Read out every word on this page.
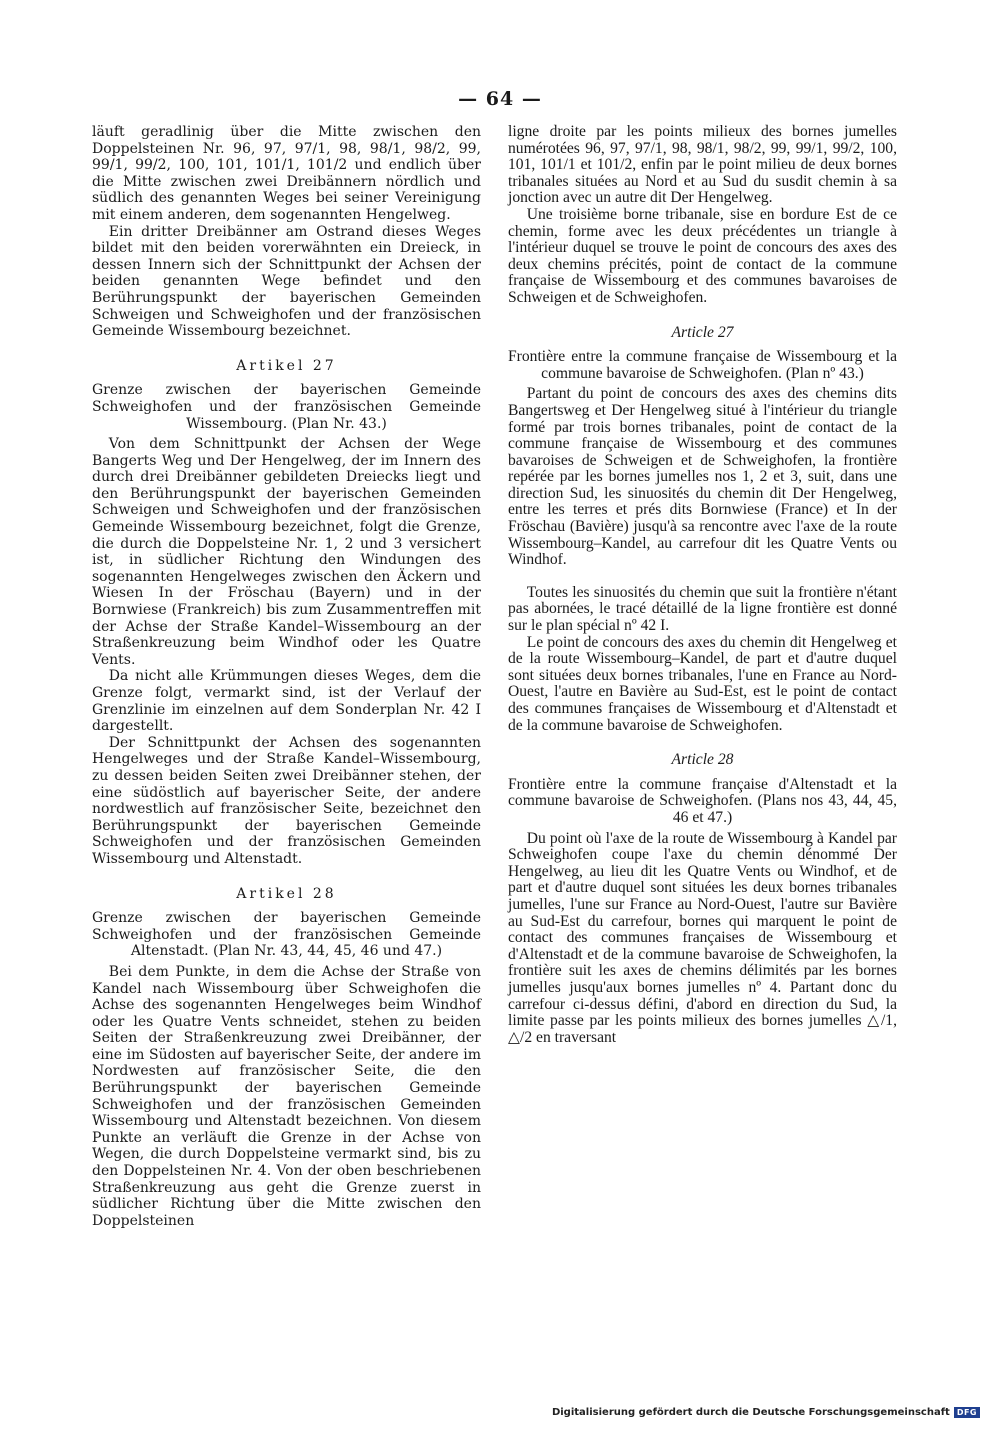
— 64 —

läuft geradlinig über die Mitte zwischen den Doppelsteinen Nr. 96, 97, 97/1, 98, 98/1, 98/2, 99, 99/1, 99/2, 100, 101, 101/1, 101/2 und endlich über die Mitte zwischen zwei Dreibännern nördlich und südlich des genannten Weges bei seiner Vereinigung mit einem anderen, dem sogenannten Hengelweg.

Ein dritter Dreibänner am Ostrand dieses Weges bildet mit den beiden vorerwähnten ein Dreieck, in dessen Innern sich der Schnittpunkt der Achsen der beiden genannten Wege befindet und den Berührungspunkt der bayerischen Gemeinden Schweigen und Schweighofen und der französischen Gemeinde Wissembourg bezeichnet.

Artikel 27
Grenze zwischen der bayerischen Gemeinde Schweighofen und der französischen Gemeinde Wissembourg. (Plan Nr. 43.)

Von dem Schnittpunkt der Achsen der Wege Bangerts Weg und Der Hengelweg, der im Innern des durch drei Dreibänner gebildeten Dreiecks liegt und den Berührungspunkt der bayerischen Gemeinden Schweigen und Schweighofen und der französischen Gemeinde Wissembourg bezeichnet, folgt die Grenze, die durch die Doppelsteine Nr. 1, 2 und 3 versichert ist, in südlicher Richtung den Windungen des sogenannten Hengelweges zwischen den Äckern und Wiesen In der Fröschau (Bayern) und in der Bornwiese (Frankreich) bis zum Zusammentreffen mit der Achse der Straße Kandel–Wissembourg an der Straßenkreuzung beim Windhof oder les Quatre Vents.

Da nicht alle Krümmungen dieses Weges, dem die Grenze folgt, vermarkt sind, ist der Verlauf der Grenzlinie im einzelnen auf dem Sonderplan Nr. 42 I dargestellt.

Der Schnittpunkt der Achsen des sogenannten Hengelweges und der Straße Kandel–Wissembourg, zu dessen beiden Seiten zwei Dreibänner stehen, der eine südöstlich auf bayerischer Seite, der andere nordwestlich auf französischer Seite, bezeichnet den Berührungspunkt der bayerischen Gemeinde Schweighofen und der französischen Gemeinden Wissembourg und Altenstadt.

Artikel 28
Grenze zwischen der bayerischen Gemeinde Schweighofen und der französischen Gemeinde Altenstadt. (Plan Nr. 43, 44, 45, 46 und 47.)

Bei dem Punkte, in dem die Achse der Straße von Kandel nach Wissembourg über Schweighofen die Achse des sogenannten Hengelweges beim Windhof oder les Quatre Vents schneidet, stehen zu beiden Seiten der Straßenkreuzung zwei Dreibänner, der eine im Südosten auf bayerischer Seite, der andere im Nordwesten auf französischer Seite, die den Berührungspunkt der bayerischen Gemeinde Schweighofen und der französischen Gemeinden Wissembourg und Altenstadt bezeichnen. Von diesem Punkte an verläuft die Grenze in der Achse von Wegen, die durch Doppelsteine vermarkt sind, bis zu den Doppelsteinen Nr. 4. Von der oben beschriebenen Straßenkreuzung aus geht die Grenze zuerst in südlicher Richtung über die Mitte zwischen den Doppelsteinen

ligne droite par les points milieux des bornes jumelles numérotées 96, 97, 97/1, 98, 98/1, 98/2, 99, 99/1, 99/2, 100, 101, 101/1 et 101/2, enfin par le point milieu de deux bornes tribanales situées au Nord et au Sud du susdit chemin à sa jonction avec un autre dit Der Hengelweg.

Une troisième borne tribanale, sise en bordure Est de ce chemin, forme avec les deux précédentes un triangle à l'intérieur duquel se trouve le point de concours des axes des deux chemins précités, point de contact de la commune française de Wissembourg et des communes bavaroises de Schweigen et de Schweighofen.

Article 27
Frontière entre la commune française de Wissembourg et la commune bavaroise de Schweighofen. (Plan nº 43.)

Partant du point de concours des axes des chemins dits Bangertsweg et Der Hengelweg situé à l'intérieur du triangle formé par trois bornes tribanales, point de contact de la commune française de Wissembourg et des communes bavaroises de Schweigen et de Schweighofen, la frontière repérée par les bornes jumelles nos 1, 2 et 3, suit, dans une direction Sud, les sinuosités du chemin dit Der Hengelweg, entre les terres et prés dits Bornwiese (France) et In der Fröschau (Bavière) jusqu'à sa rencontre avec l'axe de la route Wissembourg–Kandel, au carrefour dit les Quatre Vents ou Windhof.

Toutes les sinuosités du chemin que suit la frontière n'étant pas abornées, le tracé détaillé de la ligne frontière est donné sur le plan spécial nº 42 I.

Le point de concours des axes du chemin dit Hengelweg et de la route Wissembourg–Kandel, de part et d'autre duquel sont situées deux bornes tribanales, l'une en France au Nord-Ouest, l'autre en Bavière au Sud-Est, est le point de contact des communes françaises de Wissembourg et d'Altenstadt et de la commune bavaroise de Schweighofen.

Article 28
Frontière entre la commune française d'Altenstadt et la commune bavaroise de Schweighofen. (Plans nos 43, 44, 45, 46 et 47.)

Du point où l'axe de la route de Wissembourg à Kandel par Schweighofen coupe l'axe du chemin dénommé Der Hengelweg, au lieu dit les Quatre Vents ou Windhof, et de part et d'autre duquel sont situées les deux bornes tribanales jumelles, l'une sur France au Nord-Ouest, l'autre sur Bavière au Sud-Est du carrefour, bornes qui marquent le point de contact des communes françaises de Wissembourg et d'Altenstadt et de la commune bavaroise de Schweighofen, la frontière suit les axes de chemins délimités par les bornes jumelles jusqu'aux bornes jumelles nº 4. Partant donc du carrefour ci-dessus défini, d'abord en direction du Sud, la limite passe par les points milieux des bornes jumelles △/1, △/2 en traversant

Digitalisierung gefördert durch die Deutsche Forschungsgemeinschaft DFG
